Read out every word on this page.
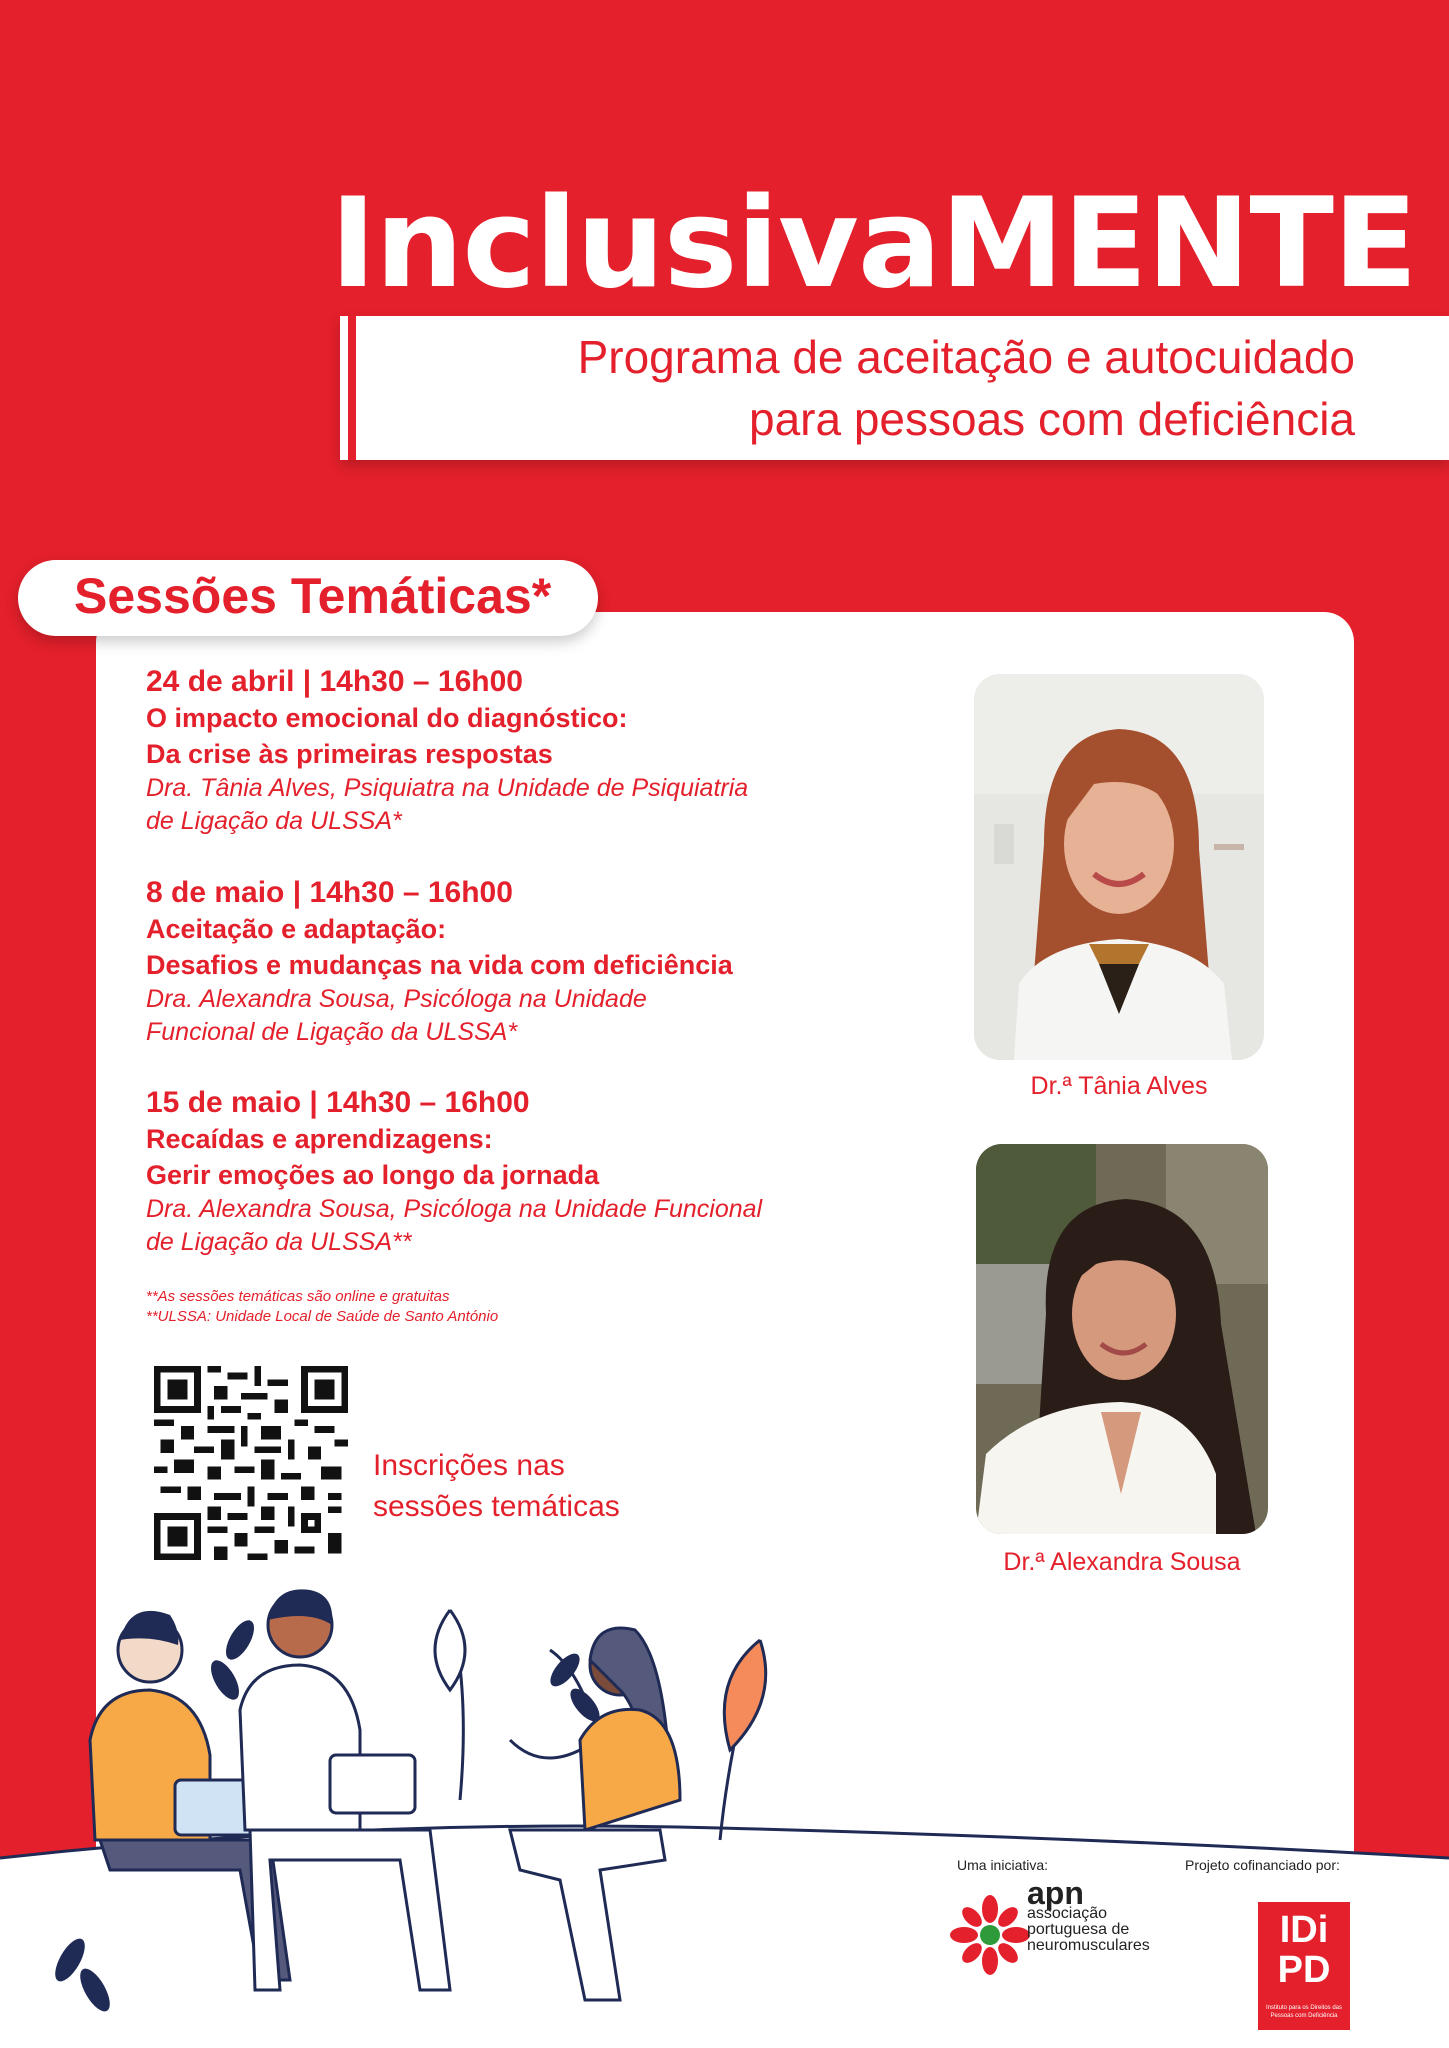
InclusivaMENTE
Programa de aceitação e autocuidado
para pessoas com deficiência
Sessões Temáticas*
24 de abril | 14h30 – 16h00
O impacto emocional do diagnóstico:
Da crise às primeiras respostas
Dra. Tânia Alves, Psiquiatra na Unidade de Psiquiatria
de Ligação da ULSSA*
8 de maio | 14h30 – 16h00
Aceitação e adaptação:
Desafios e mudanças na vida com deficiência
Dra. Alexandra Sousa, Psicóloga na Unidade
Funcional de Ligação da ULSSA*
15 de maio | 14h30 – 16h00
Recaídas e aprendizagens:
Gerir emoções ao longo da jornada
Dra. Alexandra Sousa, Psicóloga na Unidade Funcional
de Ligação da ULSSA**
**As sessões temáticas são online e gratuitas
**ULSSA: Unidade Local de Saúde de Santo António
Inscrições nas
sessões temáticas
Dr.ª Tânia Alves
Dr.ª Alexandra Sousa
Uma iniciativa:	Projeto cofinanciado por:
apn
associação
portuguesa de
neuromusculares	IDi
PD
Instituto para os Direitos das
Pessoas com Deficiência
